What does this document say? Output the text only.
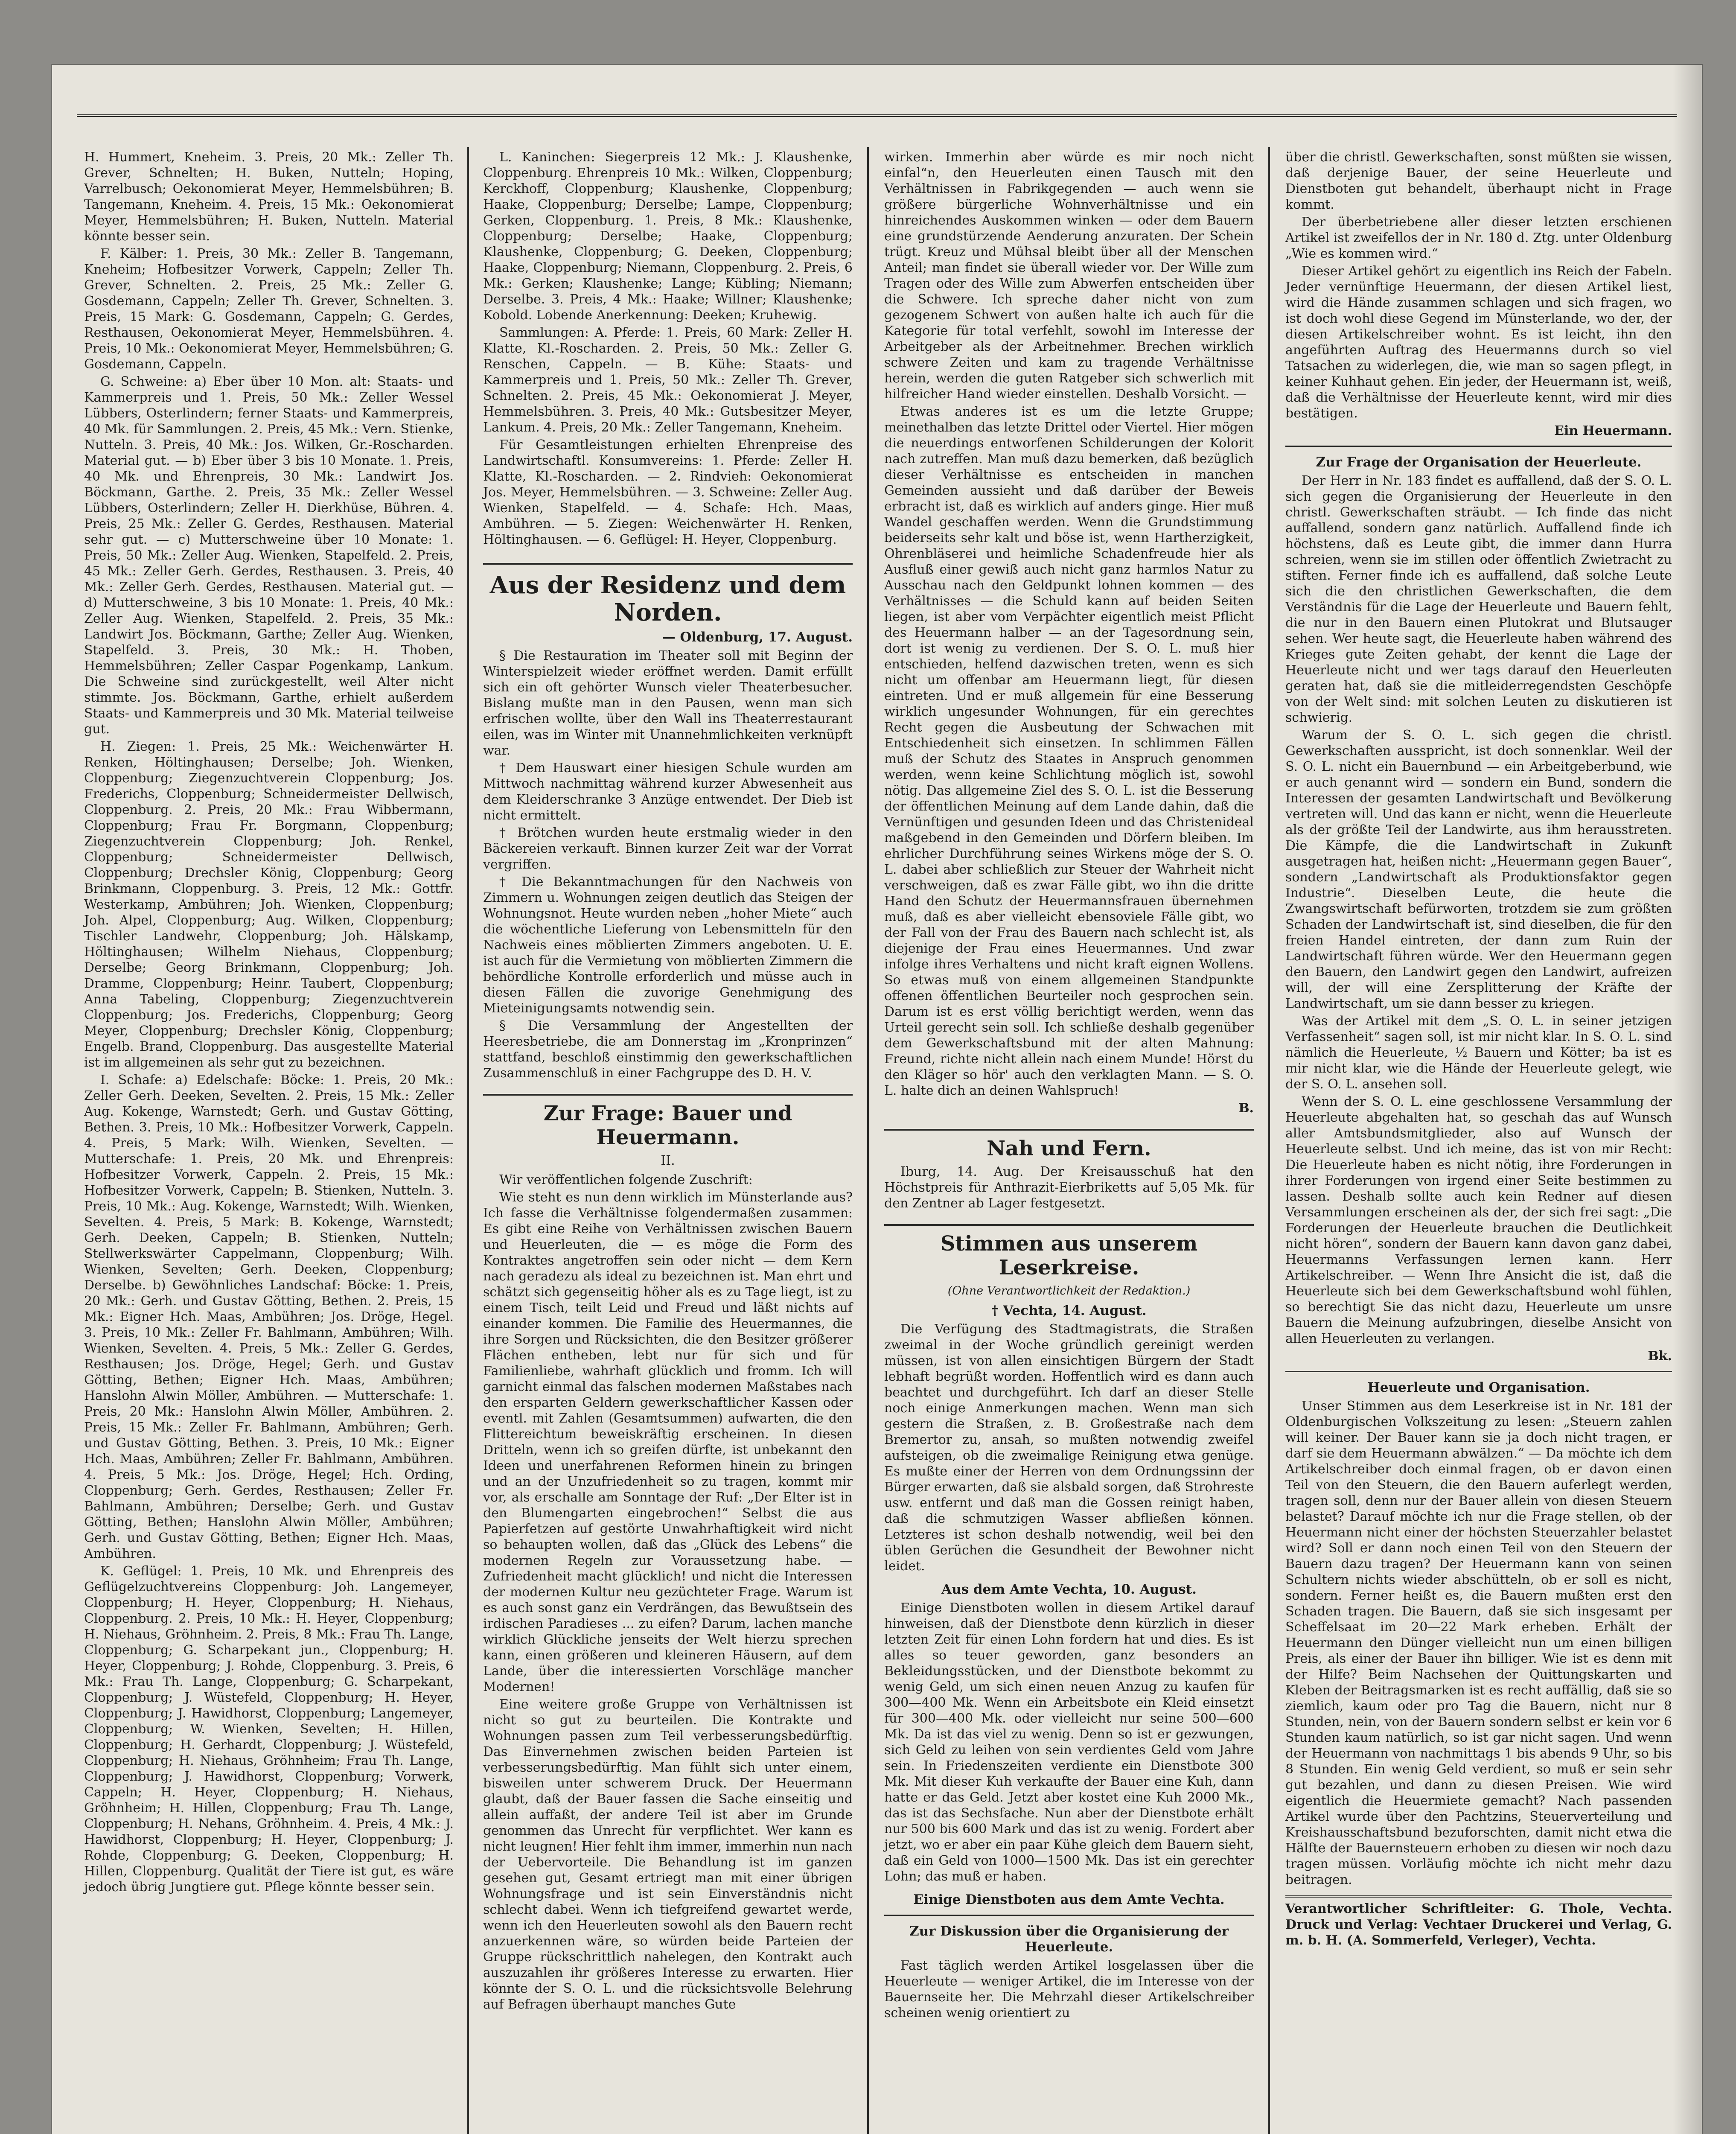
H. Hummert, Kneheim. 3. Preis, 20 Mk.: Zeller Th. Grever, Schnelten; H. Buken, Nutteln; Hoping, Varrelbusch; Oekonomierat Meyer, Hemmelsbühren; B. Tangemann, Kneheim. 4. Preis, 15 Mk.: Oekonomierat Meyer, Hemmelsbühren; H. Buken, Nutteln. Material könnte besser sein.

F. Kälber: 1. Preis, 30 Mk.: Zeller B. Tangemann, Kneheim; Hofbesitzer Vorwerk, Cappeln; Zeller Th. Grever, Schnelten. 2. Preis, 25 Mk.: Zeller G. Gosdemann, Cappeln; Zeller Th. Grever, Schnelten. 3. Preis, 15 Mark: G. Gosdemann, Cappeln; G. Gerdes, Resthausen, Oekonomierat Meyer, Hemmelsbühren. 4. Preis, 10 Mk.: Oekonomierat Meyer, Hemmelsbühren; G. Gosdemann, Cappeln.

G. Schweine: a) Eber über 10 Mon. alt: Staats- und Kammerpreis und 1. Preis, 50 Mk.: Zeller Wessel Lübbers, Osterlindern; ferner Staats- und Kammerpreis, 40 Mk. für Sammlungen. 2. Preis, 45 Mk.: Vern. Stienke, Nutteln. 3. Preis, 40 Mk.: Jos. Wilken, Gr.-Roscharden. Material gut. — b) Eber über 3 bis 10 Monate. 1. Preis, 40 Mk. und Ehrenpreis, 30 Mk.: Landwirt Jos. Böckmann, Garthe. 2. Preis, 35 Mk.: Zeller Wessel Lübbers, Osterlindern; Zeller H. Dierkhüse, Bühren. 4. Preis, 25 Mk.: Zeller G. Gerdes, Resthausen. Material sehr gut. — c) Mutterschweine über 10 Monate: 1. Preis, 50 Mk.: Zeller Aug. Wienken, Stapelfeld. 2. Preis, 45 Mk.: Zeller Gerh. Gerdes, Resthausen. 3. Preis, 40 Mk.: Zeller Gerh. Gerdes, Resthausen. Material gut. — d) Mutterschweine, 3 bis 10 Monate: 1. Preis, 40 Mk.: Zeller Aug. Wienken, Stapelfeld. 2. Preis, 35 Mk.: Landwirt Jos. Böckmann, Garthe; Zeller Aug. Wienken, Stapelfeld. 3. Preis, 30 Mk.: H. Thoben, Hemmelsbühren; Zeller Caspar Pogenkamp, Lankum. Die Schweine sind zurückgestellt, weil Alter nicht stimmte. Jos. Böckmann, Garthe, erhielt außerdem Staats- und Kammerpreis und 30 Mk. Material teilweise gut.

H. Ziegen: 1. Preis, 25 Mk.: Weichenwärter H. Renken, Höltinghausen; Derselbe; Joh. Wienken, Cloppenburg; Ziegenzuchtverein Cloppenburg; Jos. Frederichs, Cloppenburg; Schneidermeister Dellwisch, Cloppenburg. 2. Preis, 20 Mk.: Frau Wibbermann, Cloppenburg; Frau Fr. Borgmann, Cloppenburg; Ziegenzuchtverein Cloppenburg; Joh. Renkel, Cloppenburg; Schneidermeister Dellwisch, Cloppenburg; Drechsler König, Cloppenburg; Georg Brinkmann, Cloppenburg. 3. Preis, 12 Mk.: Gottfr. Westerkamp, Ambühren; Joh. Wienken, Cloppenburg; Joh. Alpel, Cloppenburg; Aug. Wilken, Cloppenburg; Tischler Landwehr, Cloppenburg; Joh. Hälskamp, Höltinghausen; Wilhelm Niehaus, Cloppenburg; Derselbe; Georg Brinkmann, Cloppenburg; Joh. Dramme, Cloppenburg; Heinr. Taubert, Cloppenburg; Anna Tabeling, Cloppenburg; Ziegenzuchtverein Cloppenburg; Jos. Frederichs, Cloppenburg; Georg Meyer, Cloppenburg; Drechsler König, Cloppenburg; Engelb. Brand, Cloppenburg. Das ausgestellte Material ist im allgemeinen als sehr gut zu bezeichnen.

I. Schafe: a) Edelschafe: Böcke: 1. Preis, 20 Mk.: Zeller Gerh. Deeken, Sevelten. 2. Preis, 15 Mk.: Zeller Aug. Kokenge, Warnstedt; Gerh. und Gustav Götting, Bethen. 3. Preis, 10 Mk.: Hofbesitzer Vorwerk, Cappeln. 4. Preis, 5 Mark: Wilh. Wienken, Sevelten. — Mutterschafe: 1. Preis, 20 Mk. und Ehrenpreis: Hofbesitzer Vorwerk, Cappeln. 2. Preis, 15 Mk.: Hofbesitzer Vorwerk, Cappeln; B. Stienken, Nutteln. 3. Preis, 10 Mk.: Aug. Kokenge, Warnstedt; Wilh. Wienken, Sevelten. 4. Preis, 5 Mark: B. Kokenge, Warnstedt; Gerh. Deeken, Cappeln; B. Stienken, Nutteln; Stellwerkswärter Cappelmann, Cloppenburg; Wilh. Wienken, Sevelten; Gerh. Deeken, Cloppenburg; Derselbe. b) Gewöhnliches Landschaf: Böcke: 1. Preis, 20 Mk.: Gerh. und Gustav Götting, Bethen. 2. Preis, 15 Mk.: Eigner Hch. Maas, Ambühren; Jos. Dröge, Hegel. 3. Preis, 10 Mk.: Zeller Fr. Bahlmann, Ambühren; Wilh. Wienken, Sevelten. 4. Preis, 5 Mk.: Zeller G. Gerdes, Resthausen; Jos. Dröge, Hegel; Gerh. und Gustav Götting, Bethen; Eigner Hch. Maas, Ambühren; Hanslohn Alwin Möller, Ambühren. — Mutterschafe: 1. Preis, 20 Mk.: Hanslohn Alwin Möller, Ambühren. 2. Preis, 15 Mk.: Zeller Fr. Bahlmann, Ambühren; Gerh. und Gustav Götting, Bethen. 3. Preis, 10 Mk.: Eigner Hch. Maas, Ambühren; Zeller Fr. Bahlmann, Ambühren. 4. Preis, 5 Mk.: Jos. Dröge, Hegel; Hch. Ording, Cloppenburg; Gerh. Gerdes, Resthausen; Zeller Fr. Bahlmann, Ambühren; Derselbe; Gerh. und Gustav Götting, Bethen; Hanslohn Alwin Möller, Ambühren; Gerh. und Gustav Götting, Bethen; Eigner Hch. Maas, Ambühren.

K. Geflügel: 1. Preis, 10 Mk. und Ehrenpreis des Geflügelzuchtvereins Cloppenburg: Joh. Langemeyer, Cloppenburg; H. Heyer, Cloppenburg; H. Niehaus, Cloppenburg. 2. Preis, 10 Mk.: H. Heyer, Cloppenburg; H. Niehaus, Gröhnheim. 2. Preis, 8 Mk.: Frau Th. Lange, Cloppenburg; G. Scharpekant jun., Cloppenburg; H. Heyer, Cloppenburg; J. Rohde, Cloppenburg. 3. Preis, 6 Mk.: Frau Th. Lange, Cloppenburg; G. Scharpekant, Cloppenburg; J. Wüstefeld, Cloppenburg; H. Heyer, Cloppenburg; J. Hawidhorst, Cloppenburg; Langemeyer, Cloppenburg; W. Wienken, Sevelten; H. Hillen, Cloppenburg; H. Gerhardt, Cloppenburg; J. Wüstefeld, Cloppenburg; H. Niehaus, Gröhnheim; Frau Th. Lange, Cloppenburg; J. Hawidhorst, Cloppenburg; Vorwerk, Cappeln; H. Heyer, Cloppenburg; H. Niehaus, Gröhnheim; H. Hillen, Cloppenburg; Frau Th. Lange, Cloppenburg; H. Nehans, Gröhnheim. 4. Preis, 4 Mk.: J. Hawidhorst, Cloppenburg; H. Heyer, Cloppenburg; J. Rohde, Cloppenburg; G. Deeken, Cloppenburg; H. Hillen, Cloppenburg. Qualität der Tiere ist gut, es wäre jedoch übrig Jungtiere gut. Pflege könnte besser sein.

L. Kaninchen: Siegerpreis 12 Mk.: J. Klaushenke, Cloppenburg. Ehrenpreis 10 Mk.: Wilken, Cloppenburg; Kerckhoff, Cloppenburg; Klaushenke, Cloppenburg; Haake, Cloppenburg; Derselbe; Lampe, Cloppenburg; Gerken, Cloppenburg. 1. Preis, 8 Mk.: Klaushenke, Cloppenburg; Derselbe; Haake, Cloppenburg; Klaushenke, Cloppenburg; G. Deeken, Cloppenburg; Haake, Cloppenburg; Niemann, Cloppenburg. 2. Preis, 6 Mk.: Gerken; Klaushenke; Lange; Kübling; Niemann; Derselbe. 3. Preis, 4 Mk.: Haake; Willner; Klaushenke; Kobold. Lobende Anerkennung: Deeken; Kruhewig.

Sammlungen: A. Pferde: 1. Preis, 60 Mark: Zeller H. Klatte, Kl.-Roscharden. 2. Preis, 50 Mk.: Zeller G. Renschen, Cappeln. — B. Kühe: Staats- und Kammerpreis und 1. Preis, 50 Mk.: Zeller Th. Grever, Schnelten. 2. Preis, 45 Mk.: Oekonomierat J. Meyer, Hemmelsbühren. 3. Preis, 40 Mk.: Gutsbesitzer Meyer, Lankum. 4. Preis, 20 Mk.: Zeller Tangemann, Kneheim.

Für Gesamtleistungen erhielten Ehrenpreise des Landwirtschaftl. Konsumvereins: 1. Pferde: Zeller H. Klatte, Kl.-Roscharden. — 2. Rindvieh: Oekonomierat Jos. Meyer, Hemmelsbühren. — 3. Schweine: Zeller Aug. Wienken, Stapelfeld. — 4. Schafe: Hch. Maas, Ambühren. — 5. Ziegen: Weichenwärter H. Renken, Höltinghausen. — 6. Geflügel: H. Heyer, Cloppenburg.

Aus der Residenz und dem Norden.
— Oldenburg, 17. August.

§ Die Restauration im Theater soll mit Beginn der Winterspielzeit wieder eröffnet werden. Damit erfüllt sich ein oft gehörter Wunsch vieler Theaterbesucher. Bislang mußte man in den Pausen, wenn man sich erfrischen wollte, über den Wall ins Theaterrestaurant eilen, was im Winter mit Unannehmlichkeiten verknüpft war.

† Dem Hauswart einer hiesigen Schule wurden am Mittwoch nachmittag während kurzer Abwesenheit aus dem Kleiderschranke 3 Anzüge entwendet. Der Dieb ist nicht ermittelt.

† Brötchen wurden heute erstmalig wieder in den Bäckereien verkauft. Binnen kurzer Zeit war der Vorrat vergriffen.

† Die Bekanntmachungen für den Nachweis von Zimmern u. Wohnungen zeigen deutlich das Steigen der Wohnungsnot. Heute wurden neben „hoher Miete“ auch die wöchentliche Lieferung von Lebensmitteln für den Nachweis eines möblierten Zimmers angeboten. U. E. ist auch für die Vermietung von möblierten Zimmern die behördliche Kontrolle erforderlich und müsse auch in diesen Fällen die zuvorige Genehmigung des Mieteinigungsamts notwendig sein.

§ Die Versammlung der Angestellten der Heeresbetriebe, die am Donnerstag im „Kronprinzen“ stattfand, beschloß einstimmig den gewerkschaftlichen Zusammenschluß in einer Fachgruppe des D. H. V.

Zur Frage: Bauer und Heuermann.
II.

Wir veröffentlichen folgende Zuschrift:

Wie steht es nun denn wirklich im Münsterlande aus? Ich fasse die Verhältnisse folgendermaßen zusammen: Es gibt eine Reihe von Verhältnissen zwischen Bauern und Heuerleuten, die — es möge die Form des Kontraktes angetroffen sein oder nicht — dem Kern nach geradezu als ideal zu bezeichnen ist. Man ehrt und schätzt sich gegenseitig höher als es zu Tage liegt, ist zu einem Tisch, teilt Leid und Freud und läßt nichts auf einander kommen. Die Familie des Heuermannes, die ihre Sorgen und Rücksichten, die den Besitzer größerer Flächen entheben, lebt nur für sich und für Familienliebe, wahrhaft glücklich und fromm. Ich will garnicht einmal das falschen modernen Maßstabes nach den ersparten Geldern gewerkschaftlicher Kassen oder eventl. mit Zahlen (Gesamtsummen) aufwarten, die den Flittereichtum beweiskräftig erscheinen. In diesen Dritteln, wenn ich so greifen dürfte, ist unbekannt den Ideen und unerfahrenen Reformen hinein zu bringen und an der Unzufriedenheit so zu tragen, kommt mir vor, als erschalle am Sonntage der Ruf: „Der Elter ist in den Blumengarten eingebrochen!“ Selbst die aus Papierfetzen auf gestörte Unwahrhaftigkeit wird nicht so behaupten wollen, daß das „Glück des Lebens“ die modernen Regeln zur Voraussetzung habe. — Zufriedenheit macht glücklich! und nicht die Interessen der modernen Kultur neu gezüchteter Frage. Warum ist es auch sonst ganz ein Verdrängen, das Bewußtsein des irdischen Paradieses ... zu eifen? Darum, lachen manche wirklich Glückliche jenseits der Welt hierzu sprechen kann, einen größeren und kleineren Häusern, auf dem Lande, über die interessierten Vorschläge mancher Modernen!

Eine weitere große Gruppe von Verhältnissen ist nicht so gut zu beurteilen. Die Kontrakte und Wohnungen passen zum Teil verbesserungsbedürftig. Das Einvernehmen zwischen beiden Parteien ist verbesserungsbedürftig. Man fühlt sich unter einem, bisweilen unter schwerem Druck. Der Heuermann glaubt, daß der Bauer fassen die Sache einseitig und allein auffaßt, der andere Teil ist aber im Grunde genommen das Unrecht für verpflichtet. Wer kann es nicht leugnen! Hier fehlt ihm immer, immerhin nun nach der Uebervorteile. Die Behandlung ist im ganzen gesehen gut, Gesamt ertriegt man mit einer übrigen Wohnungsfrage und ist sein Einverständnis nicht schlecht dabei. Wenn ich tiefgreifend gewartet werde, wenn ich den Heuerleuten sowohl als den Bauern recht anzuerkennen wäre, so würden beide Parteien der Gruppe rückschrittlich nahelegen, den Kontrakt auch auszuzahlen ihr größeres Interesse zu erwarten. Hier könnte der S. O. L. und die rücksichtsvolle Belehrung auf Befragen überhaupt manches Gute

wirken. Immerhin aber würde es mir noch nicht einfal“n, den Heuerleuten einen Tausch mit den Verhältnissen in Fabrikgegenden — auch wenn sie größere bürgerliche Wohnverhältnisse und ein hinreichendes Auskommen winken — oder dem Bauern eine grundstürzende Aenderung anzuraten. Der Schein trügt. Kreuz und Mühsal bleibt über all der Menschen Anteil; man findet sie überall wieder vor. Der Wille zum Tragen oder des Wille zum Abwerfen entscheiden über die Schwere. Ich spreche daher nicht von zum gezogenem Schwert von außen halte ich auch für die Kategorie für total verfehlt, sowohl im Interesse der Arbeitgeber als der Arbeitnehmer. Brechen wirklich schwere Zeiten und kam zu tragende Verhältnisse herein, werden die guten Ratgeber sich schwerlich mit hilfreicher Hand wieder einstellen. Deshalb Vorsicht. —

Etwas anderes ist es um die letzte Gruppe; meinethalben das letzte Drittel oder Viertel. Hier mögen die neuerdings entworfenen Schilderungen der Kolorit nach zutreffen. Man muß dazu bemerken, daß bezüglich dieser Verhältnisse es entscheiden in manchen Gemeinden aussieht und daß darüber der Beweis erbracht ist, daß es wirklich auf anders ginge. Hier muß Wandel geschaffen werden. Wenn die Grundstimmung beiderseits sehr kalt und böse ist, wenn Hartherzigkeit, Ohrenbläserei und heimliche Schadenfreude hier als Ausfluß einer gewiß auch nicht ganz harmlos Natur zu Ausschau nach den Geldpunkt lohnen kommen — des Verhältnisses — die Schuld kann auf beiden Seiten liegen, ist aber vom Verpächter eigentlich meist Pflicht des Heuermann halber — an der Tagesordnung sein, dort ist wenig zu verdienen. Der S. O. L. muß hier entschieden, helfend dazwischen treten, wenn es sich nicht um offenbar am Heuermann liegt, für diesen eintreten. Und er muß allgemein für eine Besserung wirklich ungesunder Wohnungen, für ein gerechtes Recht gegen die Ausbeutung der Schwachen mit Entschiedenheit sich einsetzen. In schlimmen Fällen muß der Schutz des Staates in Anspruch genommen werden, wenn keine Schlichtung möglich ist, sowohl nötig. Das allgemeine Ziel des S. O. L. ist die Besserung der öffentlichen Meinung auf dem Lande dahin, daß die Vernünftigen und gesunden Ideen und das Christenideal maßgebend in den Gemeinden und Dörfern bleiben. Im ehrlicher Durchführung seines Wirkens möge der S. O. L. dabei aber schließlich zur Steuer der Wahrheit nicht verschweigen, daß es zwar Fälle gibt, wo ihn die dritte Hand den Schutz der Heuermannsfrauen übernehmen muß, daß es aber vielleicht ebensoviele Fälle gibt, wo der Fall von der Frau des Bauern nach schlecht ist, als diejenige der Frau eines Heuermannes. Und zwar infolge ihres Verhaltens und nicht kraft eignen Wollens. So etwas muß von einem allgemeinen Standpunkte offenen öffentlichen Beurteiler noch gesprochen sein. Darum ist es erst völlig berichtigt werden, wenn das Urteil gerecht sein soll. Ich schließe deshalb gegenüber dem Gewerkschaftsbund mit der alten Mahnung: Freund, richte nicht allein nach einem Munde! Hörst du den Kläger so hör' auch den verklagten Mann. — S. O. L. halte dich an deinen Wahlspruch!

B.
Nah und Fern.

Iburg, 14. Aug. Der Kreisausschuß hat den Höchstpreis für Anthrazit-Eierbriketts auf 5,05 Mk. für den Zentner ab Lager festgesetzt.

Stimmen aus unserem Leserkreise.
(Ohne Verantwortlichkeit der Redaktion.)
† Vechta, 14. August.

Die Verfügung des Stadtmagistrats, die Straßen zweimal in der Woche gründlich gereinigt werden müssen, ist von allen einsichtigen Bürgern der Stadt lebhaft begrüßt worden. Hoffentlich wird es dann auch beachtet und durchgeführt. Ich darf an dieser Stelle noch einige Anmerkungen machen. Wenn man sich gestern die Straßen, z. B. Großestraße nach dem Bremertor zu, ansah, so mußten notwendig zweifel aufsteigen, ob die zweimalige Reinigung etwa genüge. Es mußte einer der Herren von dem Ordnungssinn der Bürger erwarten, daß sie alsbald sorgen, daß Strohreste usw. entfernt und daß man die Gossen reinigt haben, daß die schmutzigen Wasser abfließen können. Letzteres ist schon deshalb notwendig, weil bei den üblen Gerüchen die Gesundheit der Bewohner nicht leidet.

Aus dem Amte Vechta, 10. August.

Einige Dienstboten wollen in diesem Artikel darauf hinweisen, daß der Dienstbote denn kürzlich in dieser letzten Zeit für einen Lohn fordern hat und dies. Es ist alles so teuer geworden, ganz besonders an Bekleidungsstücken, und der Dienstbote bekommt zu wenig Geld, um sich einen neuen Anzug zu kaufen für 300—400 Mk. Wenn ein Arbeitsbote ein Kleid einsetzt für 300—400 Mk. oder vielleicht nur seine 500—600 Mk. Da ist das viel zu wenig. Denn so ist er gezwungen, sich Geld zu leihen von sein verdientes Geld vom Jahre sein. In Friedenszeiten verdiente ein Dienstbote 300 Mk. Mit dieser Kuh verkaufte der Bauer eine Kuh, dann hatte er das Geld. Jetzt aber kostet eine Kuh 2000 Mk., das ist das Sechsfache. Nun aber der Dienstbote erhält nur 500 bis 600 Mark und das ist zu wenig. Fordert aber jetzt, wo er aber ein paar Kühe gleich dem Bauern sieht, daß ein Geld von 1000—1500 Mk. Das ist ein gerechter Lohn; das muß er haben.

Einige Dienstboten aus dem Amte Vechta.
Zur Diskussion über die Organisierung der Heuerleute.

Fast täglich werden Artikel losgelassen über die Heuerleute — weniger Artikel, die im Interesse von der Bauernseite her. Die Mehrzahl dieser Artikelschreiber scheinen wenig orientiert zu

über die christl. Gewerkschaften, sonst müßten sie wissen, daß derjenige Bauer, der seine Heuerleute und Dienstboten gut behandelt, überhaupt nicht in Frage kommt.

Der überbetriebene aller dieser letzten erschienen Artikel ist zweifellos der in Nr. 180 d. Ztg. unter Oldenburg „Wie es kommen wird.“

Dieser Artikel gehört zu eigentlich ins Reich der Fabeln. Jeder vernünftige Heuermann, der diesen Artikel liest, wird die Hände zusammen schlagen und sich fragen, wo ist doch wohl diese Gegend im Münsterlande, wo der, der diesen Artikelschreiber wohnt. Es ist leicht, ihn den angeführten Auftrag des Heuermanns durch so viel Tatsachen zu widerlegen, die, wie man so sagen pflegt, in keiner Kuhhaut gehen. Ein jeder, der Heuermann ist, weiß, daß die Verhältnisse der Heuerleute kennt, wird mir dies bestätigen.

Ein Heuermann.
Zur Frage der Organisation der Heuerleute.

Der Herr in Nr. 183 findet es auffallend, daß der S. O. L. sich gegen die Organisierung der Heuerleute in den christl. Gewerkschaften sträubt. — Ich finde das nicht auffallend, sondern ganz natürlich. Auffallend finde ich höchstens, daß es Leute gibt, die immer dann Hurra schreien, wenn sie im stillen oder öffentlich Zwietracht zu stiften. Ferner finde ich es auffallend, daß solche Leute sich die den christlichen Gewerkschaften, die dem Verständnis für die Lage der Heuerleute und Bauern fehlt, die nur in den Bauern einen Plutokrat und Blutsauger sehen. Wer heute sagt, die Heuerleute haben während des Krieges gute Zeiten gehabt, der kennt die Lage der Heuerleute nicht und wer tags darauf den Heuerleuten geraten hat, daß sie die mitleiderregendsten Geschöpfe von der Welt sind: mit solchen Leuten zu diskutieren ist schwierig.

Warum der S. O. L. sich gegen die christl. Gewerkschaften ausspricht, ist doch sonnenklar. Weil der S. O. L. nicht ein Bauernbund — ein Arbeitgeberbund, wie er auch genannt wird — sondern ein Bund, sondern die Interessen der gesamten Landwirtschaft und Bevölkerung vertreten will. Und das kann er nicht, wenn die Heuerleute als der größte Teil der Landwirte, aus ihm herausstreten. Die Kämpfe, die die Landwirtschaft in Zukunft ausgetragen hat, heißen nicht: „Heuermann gegen Bauer“, sondern „Landwirtschaft als Produktionsfaktor gegen Industrie“. Dieselben Leute, die heute die Zwangswirtschaft befürworten, trotzdem sie zum größten Schaden der Landwirtschaft ist, sind dieselben, die für den freien Handel eintreten, der dann zum Ruin der Landwirtschaft führen würde. Wer den Heuermann gegen den Bauern, den Landwirt gegen den Landwirt, aufreizen will, der will eine Zersplitterung der Kräfte der Landwirtschaft, um sie dann besser zu kriegen.

Was der Artikel mit dem „S. O. L. in seiner jetzigen Verfassenheit“ sagen soll, ist mir nicht klar. In S. O. L. sind nämlich die Heuerleute, ½ Bauern und Kötter; ba ist es mir nicht klar, wie die Hände der Heuerleute gelegt, wie der S. O. L. ansehen soll.

Wenn der S. O. L. eine geschlossene Versammlung der Heuerleute abgehalten hat, so geschah das auf Wunsch aller Amtsbundsmitglieder, also auf Wunsch der Heuerleute selbst. Und ich meine, das ist von mir Recht: Die Heuerleute haben es nicht nötig, ihre Forderungen in ihrer Forderungen von irgend einer Seite bestimmen zu lassen. Deshalb sollte auch kein Redner auf diesen Versammlungen erscheinen als der, der sich frei sagt: „Die Forderungen der Heuerleute brauchen die Deutlichkeit nicht hören“, sondern der Bauern kann davon ganz dabei, Heuermanns Verfassungen lernen kann. Herr Artikelschreiber. — Wenn Ihre Ansicht die ist, daß die Heuerleute sich bei dem Gewerkschaftsbund wohl fühlen, so berechtigt Sie das nicht dazu, Heuerleute um unsre Bauern die Meinung aufzubringen, dieselbe Ansicht von allen Heuerleuten zu verlangen.

Bk.
Heuerleute und Organisation.

Unser Stimmen aus dem Leserkreise ist in Nr. 181 der Oldenburgischen Volkszeitung zu lesen: „Steuern zahlen will keiner. Der Bauer kann sie ja doch nicht tragen, er darf sie dem Heuermann abwälzen.“ — Da möchte ich dem Artikelschreiber doch einmal fragen, ob er davon einen Teil von den Steuern, die den Bauern auferlegt werden, tragen soll, denn nur der Bauer allein von diesen Steuern belastet? Darauf möchte ich nur die Frage stellen, ob der Heuermann nicht einer der höchsten Steuerzahler belastet wird? Soll er dann noch einen Teil von den Steuern der Bauern dazu tragen? Der Heuermann kann von seinen Schultern nichts wieder abschütteln, ob er soll es nicht, sondern. Ferner heißt es, die Bauern mußten erst den Schaden tragen. Die Bauern, daß sie sich insgesamt per Scheffelsaat im 20—22 Mark erheben. Erhält der Heuermann den Dünger vielleicht nun um einen billigen Preis, als einer der Bauer ihn billiger. Wie ist es denn mit der Hilfe? Beim Nachsehen der Quittungskarten und Kleben der Beitragsmarken ist es recht auffällig, daß sie so ziemlich, kaum oder pro Tag die Bauern, nicht nur 8 Stunden, nein, von der Bauern sondern selbst er kein vor 6 Stunden kaum natürlich, so ist gar nicht sagen. Und wenn der Heuermann von nachmittags 1 bis abends 9 Uhr, so bis 8 Stunden. Ein wenig Geld verdient, so muß er sein sehr gut bezahlen, und dann zu diesen Preisen. Wie wird eigentlich die Heuermiete gemacht? Nach passenden Artikel wurde über den Pachtzins, Steuerverteilung und Kreishausschaftsbund bezuforschten, damit nicht etwa die Hälfte der Bauernsteuern erhoben zu diesen wir noch dazu tragen müssen. Vorläufig möchte ich nicht mehr dazu beitragen.

Verantwortlicher Schriftleiter: G. Thole, Vechta. Druck und Verlag: Vechtaer Druckerei und Verlag, G. m. b. H. (A. Sommerfeld, Verleger), Vechta.
